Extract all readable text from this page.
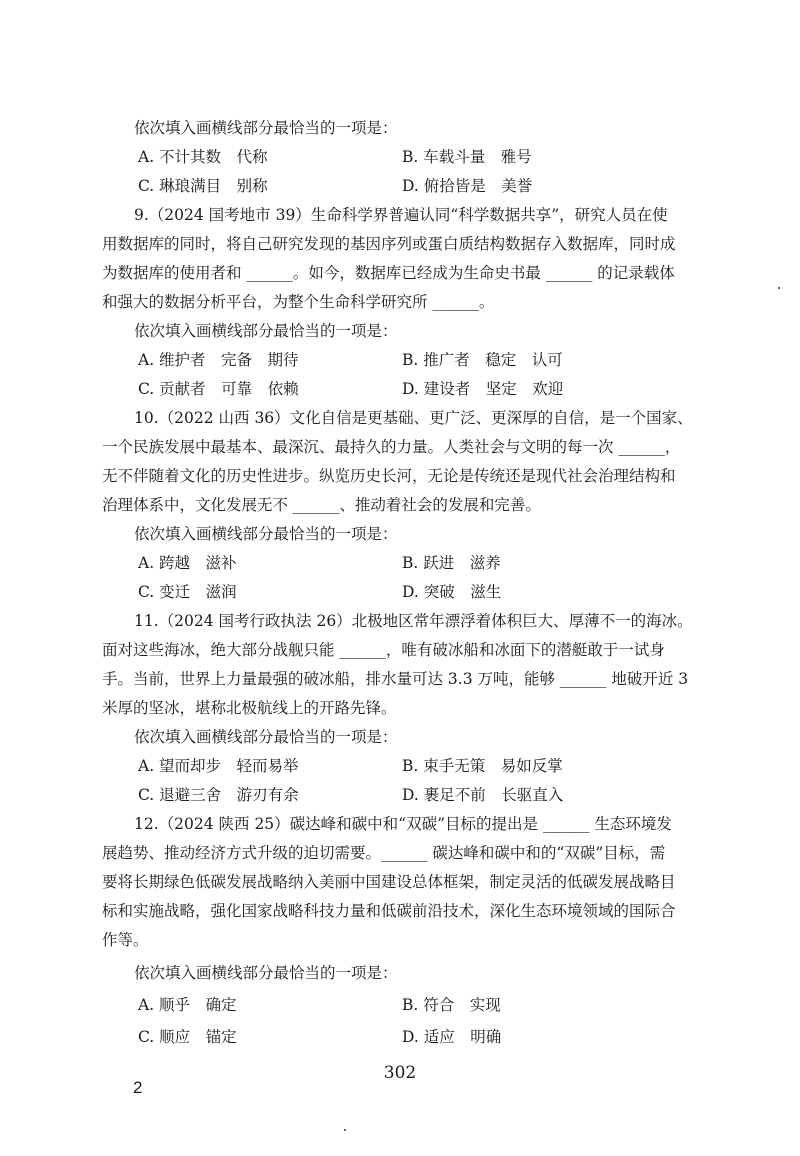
依次填入画横线部分最恰当的一项是：
A. 不计其数　代称	B. 车载斗量　雅号
C. 琳琅满目　别称	D. 俯拾皆是　美誉
9.（2024 国考地市 39）生命科学界普遍认同“科学数据共享”，研究人员在使
用数据库的同时，将自己研究发现的基因序列或蛋白质结构数据存入数据库，同时成
为数据库的使用者和 ______。如今，数据库已经成为生命史书最 ______ 的记录载体
和强大的数据分析平台，为整个生命科学研究所 ______。
依次填入画横线部分最恰当的一项是：
A. 维护者　完备　期待	B. 推广者　稳定　认可
C. 贡献者　可靠　依赖	D. 建设者　坚定　欢迎
10.（2022 山西 36）文化自信是更基础、更广泛、更深厚的自信，是一个国家、
一个民族发展中最基本、最深沉、最持久的力量。人类社会与文明的每一次 ______，
无不伴随着文化的历史性进步。纵览历史长河，无论是传统还是现代社会治理结构和
治理体系中，文化发展无不 ______、推动着社会的发展和完善。
依次填入画横线部分最恰当的一项是：
A. 跨越　滋补	B. 跃进　滋养
C. 变迁　滋润	D. 突破　滋生
11.（2024 国考行政执法 26）北极地区常年漂浮着体积巨大、厚薄不一的海冰。
面对这些海冰，绝大部分战舰只能 ______，唯有破冰船和冰面下的潜艇敢于一试身
手。当前，世界上力量最强的破冰船，排水量可达 3.3 万吨，能够 ______ 地破开近 3
米厚的坚冰，堪称北极航线上的开路先锋。
依次填入画横线部分最恰当的一项是：
A. 望而却步　轻而易举	B. 束手无策　易如反掌
C. 退避三舍　游刃有余	D. 裹足不前　长驱直入
12.（2024 陕西 25）碳达峰和碳中和“双碳”目标的提出是 ______ 生态环境发
展趋势、推动经济方式升级的迫切需要。______ 碳达峰和碳中和的“双碳”目标，需
要将长期绿色低碳发展战略纳入美丽中国建设总体框架，制定灵活的低碳发展战略目
标和实施战略，强化国家战略科技力量和低碳前沿技术，深化生态环境领域的国际合
作等。
依次填入画横线部分最恰当的一项是：
A. 顺乎　确定	B. 符合　实现
C. 顺应　锚定	D. 适应　明确
302
2
